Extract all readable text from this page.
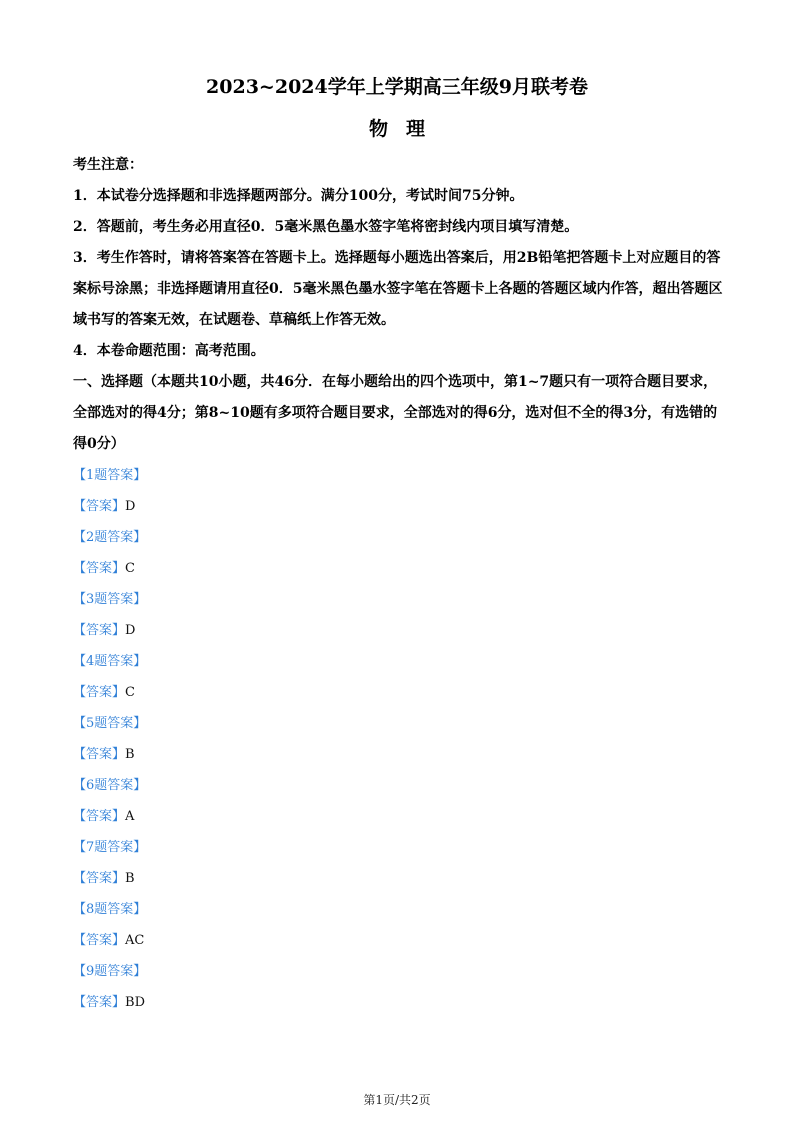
2023~2024学年上学期高三年级9月联考卷
物理

考生注意：

1．本试卷分选择题和非选择题两部分。满分100分，考试时间75分钟。

2．答题前，考生务必用直径0．5毫米黑色墨水签字笔将密封线内项目填写清楚。

3．考生作答时，请将答案答在答题卡上。选择题每小题选出答案后，用2B铅笔把答题卡上对应题目的答案标号涂黑；非选择题请用直径0．5毫米黑色墨水签字笔在答题卡上各题的答题区域内作答，超出答题区域书写的答案无效，在试题卷、草稿纸上作答无效。

4．本卷命题范围：高考范围。

一、选择题（本题共10小题，共46分．在每小题给出的四个选项中，第1~7题只有一项符合题目要求，全部选对的得4分；第8~10题有多项符合题目要求，全部选对的得6分，选对但不全的得3分，有选错的得0分）

【1题答案】
【答案】D
【2题答案】
【答案】C
【3题答案】
【答案】D
【4题答案】
【答案】C
【5题答案】
【答案】B
【6题答案】
【答案】A
【7题答案】
【答案】B
【8题答案】
【答案】AC
【9题答案】
【答案】BD
第1页/共2页
